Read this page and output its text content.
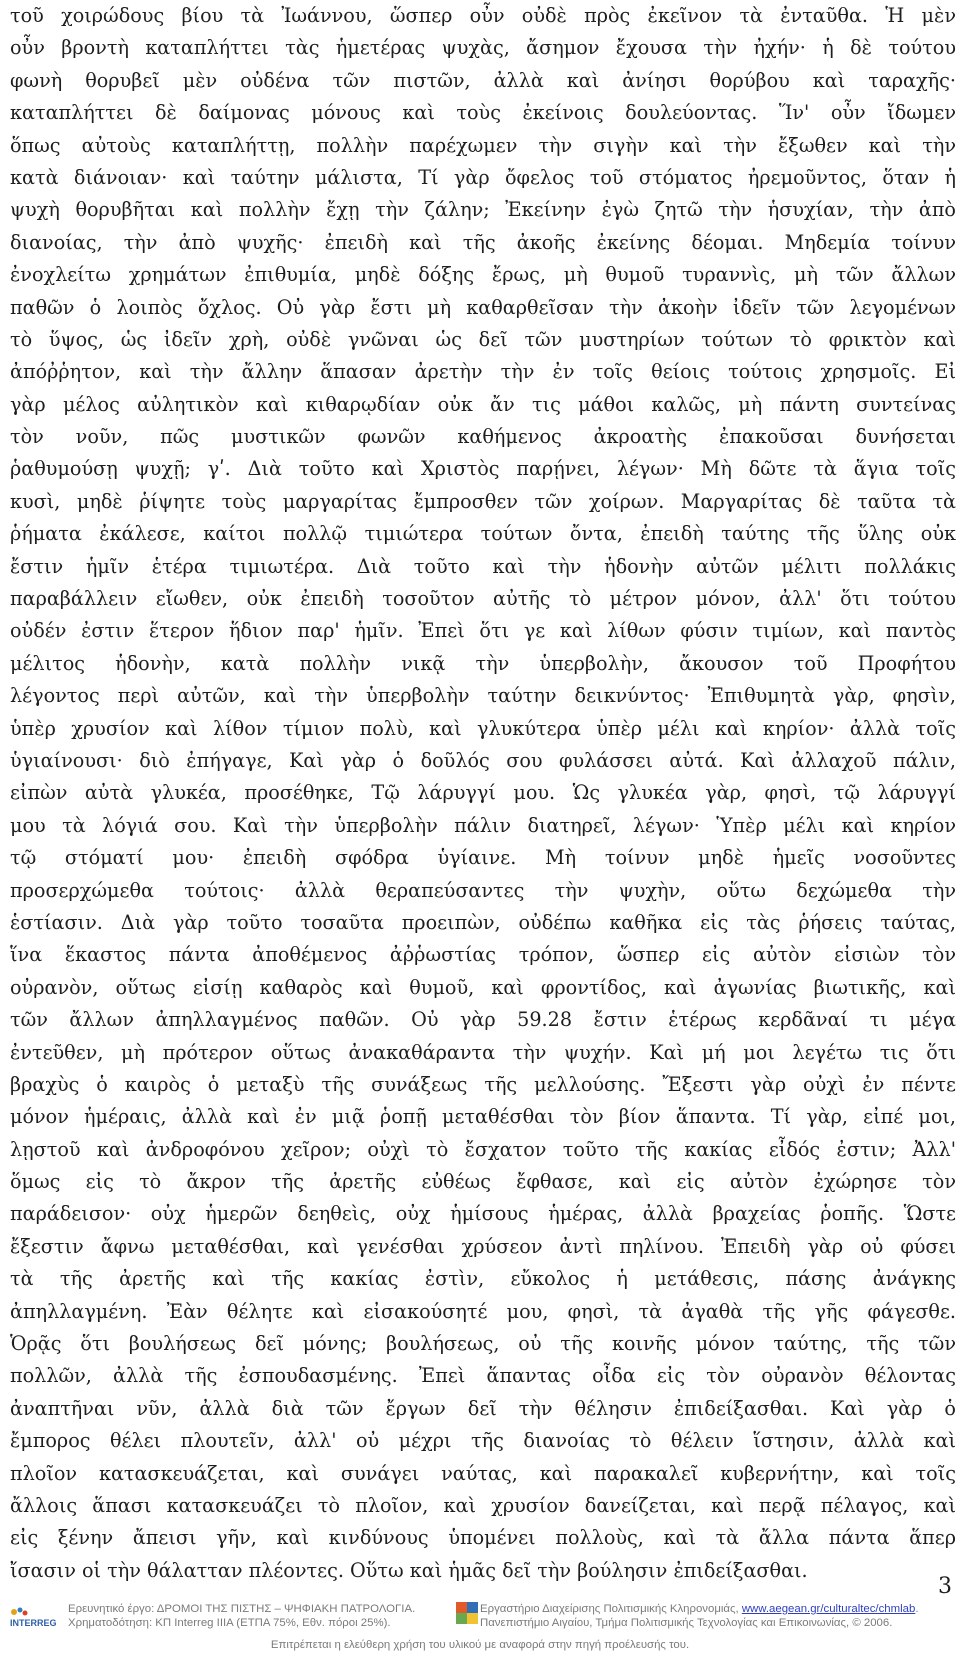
τοῦ χοιρώδους βίου τὰ Ἰωάννου, ὥσπερ οὖν οὐδὲ πρὸς ἐκεῖνον τὰ ἐνταῦθα. Ἡ μὲν
οὖν βροντὴ καταπλήττει τὰς ἡμετέρας ψυχὰς, ἄσημον ἔχουσα τὴν ἠχήν· ἡ δὲ τούτου
φωνὴ θορυβεῖ μὲν οὐδένα τῶν πιστῶν, ἀλλὰ καὶ ἀνίησι θορύβου καὶ ταραχῆς·
καταπλήττει δὲ δαίμονας μόνους καὶ τοὺς ἐκείνοις δουλεύοντας. Ἵν' οὖν ἴδωμεν
ὅπως αὐτοὺς καταπλήττῃ, πολλὴν παρέχωμεν τὴν σιγὴν καὶ τὴν ἔξωθεν καὶ τὴν
κατὰ διάνοιαν· καὶ ταύτην μάλιστα, Τί γὰρ ὄφελος τοῦ στόματος ἠρεμοῦντος, ὅταν ἡ
ψυχὴ θορυβῆται καὶ πολλὴν ἔχῃ τὴν ζάλην; Ἐκείνην ἐγὼ ζητῶ τὴν ἡσυχίαν, τὴν ἀπὸ
διανοίας, τὴν ἀπὸ ψυχῆς· ἐπειδὴ καὶ τῆς ἀκοῆς ἐκείνης δέομαι. Μηδεμία τοίνυν
ἐνοχλείτω χρημάτων ἐπιθυμία, μηδὲ δόξης ἔρως, μὴ θυμοῦ τυραννὶς, μὴ τῶν ἄλλων
παθῶν ὁ λοιπὸς ὄχλος. Οὐ γὰρ ἔστι μὴ καθαρθεῖσαν τὴν ἀκοὴν ἰδεῖν τῶν λεγομένων
τὸ ὕψος, ὡς ἰδεῖν χρὴ, οὐδὲ γνῶναι ὡς δεῖ τῶν μυστηρίων τούτων τὸ φρικτὸν καὶ
ἀπόῤῥητον, καὶ τὴν ἄλλην ἅπασαν ἀρετὴν τὴν ἐν τοῖς θείοις τούτοις χρησμοῖς. Εἰ
γὰρ μέλος αὐλητικὸν καὶ κιθαρῳδίαν οὐκ ἄν τις μάθοι καλῶς, μὴ πάντη συντείνας
τὸν νοῦν, πῶς μυστικῶν φωνῶν καθήμενος ἀκροατὴς ἐπακοῦσαι δυνήσεται
ῥαθυμούσῃ ψυχῇ; γʹ. Διὰ τοῦτο καὶ Χριστὸς παρῄνει, λέγων· Μὴ δῶτε τὰ ἅγια τοῖς
κυσὶ, μηδὲ ῥίψητε τοὺς μαργαρίτας ἔμπροσθεν τῶν χοίρων. Μαργαρίτας δὲ ταῦτα τὰ
ῥήματα ἐκάλεσε, καίτοι πολλῷ τιμιώτερα τούτων ὄντα, ἐπειδὴ ταύτης τῆς ὕλης οὐκ
ἔστιν ἡμῖν ἑτέρα τιμιωτέρα. Διὰ τοῦτο καὶ τὴν ἡδονὴν αὐτῶν μέλιτι πολλάκις
παραβάλλειν εἴωθεν, οὐκ ἐπειδὴ τοσοῦτον αὐτῆς τὸ μέτρον μόνον, ἀλλ' ὅτι τούτου
οὐδέν ἐστιν ἕτερον ἥδιον παρ' ἡμῖν. Ἐπεὶ ὅτι γε καὶ λίθων φύσιν τιμίων, καὶ παντὸς
μέλιτος ἡδονὴν, κατὰ πολλὴν νικᾷ τὴν ὑπερβολὴν, ἄκουσον τοῦ Προφήτου
λέγοντος περὶ αὐτῶν, καὶ τὴν ὑπερβολὴν ταύτην δεικνύντος· Ἐπιθυμητὰ γὰρ, φησὶν,
ὑπὲρ χρυσίον καὶ λίθον τίμιον πολὺ, καὶ γλυκύτερα ὑπὲρ μέλι καὶ κηρίον· ἀλλὰ τοῖς
ὑγιαίνουσι· διὸ ἐπήγαγε, Καὶ γὰρ ὁ δοῦλός σου φυλάσσει αὐτά. Καὶ ἀλλαχοῦ πάλιν,
εἰπὼν αὐτὰ γλυκέα, προσέθηκε, Τῷ λάρυγγί μου. Ὡς γλυκέα γὰρ, φησὶ, τῷ λάρυγγί
μου τὰ λόγιά σου. Καὶ τὴν ὑπερβολὴν πάλιν διατηρεῖ, λέγων· Ὑπὲρ μέλι καὶ κηρίον
τῷ στόματί μου· ἐπειδὴ σφόδρα ὑγίαινε. Μὴ τοίνυν μηδὲ ἡμεῖς νοσοῦντες
προσερχώμεθα τούτοις· ἀλλὰ θεραπεύσαντες τὴν ψυχὴν, οὕτω δεχώμεθα τὴν
ἑστίασιν. Διὰ γὰρ τοῦτο τοσαῦτα προειπὼν, οὐδέπω καθῆκα εἰς τὰς ῥήσεις ταύτας,
ἵνα ἕκαστος πάντα ἀποθέμενος ἀῤῥωστίας τρόπον, ὥσπερ εἰς αὐτὸν εἰσιὼν τὸν
οὐρανὸν, οὕτως εἰσίῃ καθαρὸς καὶ θυμοῦ, καὶ φροντίδος, καὶ ἀγωνίας βιωτικῆς, καὶ
τῶν ἄλλων ἀπηλλαγμένος παθῶν. Οὐ γὰρ 59.28 ἔστιν ἑτέρως κερδᾶναί τι μέγα
ἐντεῦθεν, μὴ πρότερον οὕτως ἀνακαθάραντα τὴν ψυχήν. Καὶ μή μοι λεγέτω τις ὅτι
βραχὺς ὁ καιρὸς ὁ μεταξὺ τῆς συνάξεως τῆς μελλούσης. Ἔξεστι γὰρ οὐχὶ ἐν πέντε
μόνον ἡμέραις, ἀλλὰ καὶ ἐν μιᾷ ῥοπῇ μεταθέσθαι τὸν βίον ἅπαντα. Τί γὰρ, εἰπέ μοι,
λῃστοῦ καὶ ἀνδροφόνου χεῖρον; οὐχὶ τὸ ἔσχατον τοῦτο τῆς κακίας εἶδός ἐστιν; Ἀλλ'
ὅμως εἰς τὸ ἄκρον τῆς ἀρετῆς εὐθέως ἔφθασε, καὶ εἰς αὐτὸν ἐχώρησε τὸν
παράδεισον· οὐχ ἡμερῶν δεηθεὶς, οὐχ ἡμίσους ἡμέρας, ἀλλὰ βραχείας ῥοπῆς. Ὥστε
ἔξεστιν ἄφνω μεταθέσθαι, καὶ γενέσθαι χρύσεον ἀντὶ πηλίνου. Ἐπειδὴ γὰρ οὐ φύσει
τὰ τῆς ἀρετῆς καὶ τῆς κακίας ἐστὶν, εὔκολος ἡ μετάθεσις, πάσης ἀνάγκης
ἀπηλλαγμένη. Ἐὰν θέλητε καὶ εἰσακούσητέ μου, φησὶ, τὰ ἀγαθὰ τῆς γῆς φάγεσθε.
Ὁρᾷς ὅτι βουλήσεως δεῖ μόνης; βουλήσεως, οὐ τῆς κοινῆς μόνον ταύτης, τῆς τῶν
πολλῶν, ἀλλὰ τῆς ἐσπουδασμένης. Ἐπεὶ ἅπαντας οἶδα εἰς τὸν οὐρανὸν θέλοντας
ἀναπτῆναι νῦν, ἀλλὰ διὰ τῶν ἔργων δεῖ τὴν θέλησιν ἐπιδείξασθαι. Καὶ γὰρ ὁ
ἔμπορος θέλει πλουτεῖν, ἀλλ' οὐ μέχρι τῆς διανοίας τὸ θέλειν ἵστησιν, ἀλλὰ καὶ
πλοῖον κατασκευάζεται, καὶ συνάγει ναύτας, καὶ παρακαλεῖ κυβερνήτην, καὶ τοῖς
ἄλλοις ἅπασι κατασκευάζει τὸ πλοῖον, καὶ χρυσίον δανείζεται, καὶ περᾷ πέλαγος, καὶ
εἰς ξένην ἄπεισι γῆν, καὶ κινδύνους ὑπομένει πολλοὺς, καὶ τὰ ἄλλα πάντα ἅπερ
ἴσασιν οἱ τὴν θάλατταν πλέοντες. Οὕτω καὶ ἡμᾶς δεῖ τὴν βούλησιν ἐπιδείξασθαι.
3
INTERREG
Ερευνητικό έργο: ΔΡΟΜΟΙ ΤΗΣ ΠΙΣΤΗΣ – ΨΗΦΙΑΚΗ ΠΑΤΡΟΛΟΓΙΑ.
Χρηματοδότηση: ΚΠ Interreg IIIA (ΕΤΠΑ 75%, Εθν. πόροι 25%).
Εργαστήριο Διαχείρισης Πολιτισμικής Κληρονομιάς, www.aegean.gr/culturaltec/chmlab.
Πανεπιστήμιο Αιγαίου, Τμήμα Πολιτισμικής Τεχνολογίας και Επικοινωνίας, © 2006.
Επιτρέπεται η ελεύθερη χρήση του υλικού με αναφορά στην πηγή προέλευσής του.
